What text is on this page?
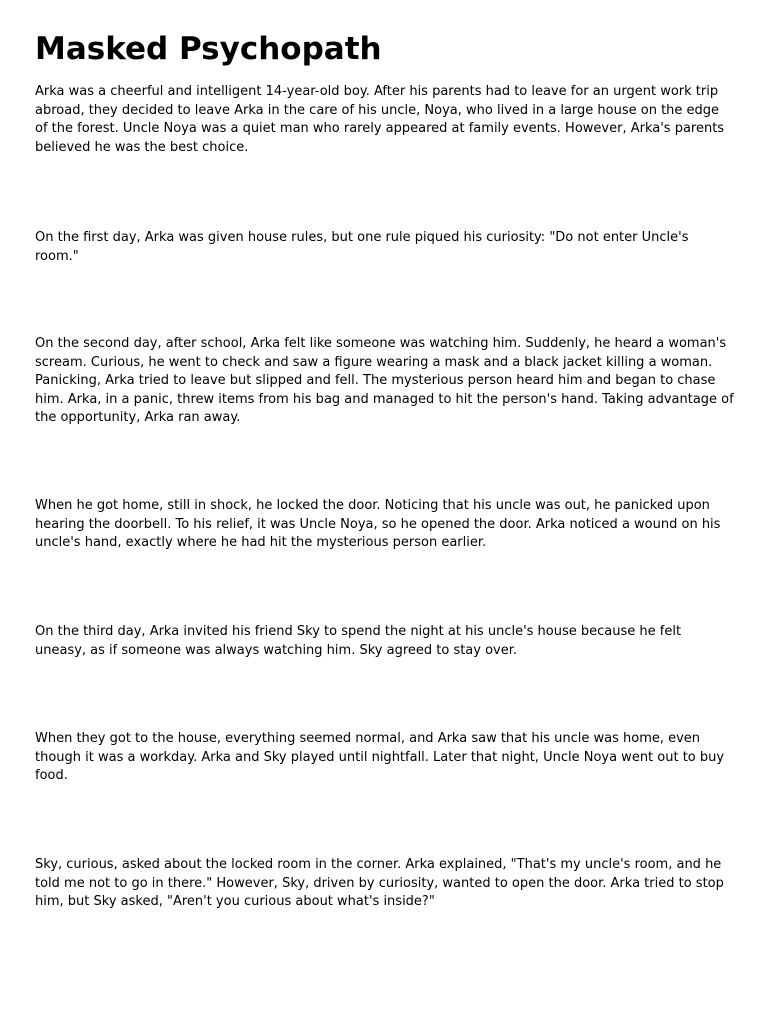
Masked Psychopath

Arka was a cheerful and intelligent 14-year-old boy. After his parents had to leave for an urgent work trip abroad, they decided to leave Arka in the care of his uncle, Noya, who lived in a large house on the edge of the forest. Uncle Noya was a quiet man who rarely appeared at family events. However, Arka's parents believed he was the best choice.

On the first day, Arka was given house rules, but one rule piqued his curiosity: "Do not enter Uncle's room."

On the second day, after school, Arka felt like someone was watching him. Suddenly, he heard a woman's scream. Curious, he went to check and saw a figure wearing a mask and a black jacket killing a woman. Panicking, Arka tried to leave but slipped and fell. The mysterious person heard him and began to chase him. Arka, in a panic, threw items from his bag and managed to hit the person's hand. Taking advantage of the opportunity, Arka ran away.

When he got home, still in shock, he locked the door. Noticing that his uncle was out, he panicked upon hearing the doorbell. To his relief, it was Uncle Noya, so he opened the door. Arka noticed a wound on his uncle's hand, exactly where he had hit the mysterious person earlier.

On the third day, Arka invited his friend Sky to spend the night at his uncle's house because he felt uneasy, as if someone was always watching him. Sky agreed to stay over.

When they got to the house, everything seemed normal, and Arka saw that his uncle was home, even though it was a workday. Arka and Sky played until nightfall. Later that night, Uncle Noya went out to buy food.

Sky, curious, asked about the locked room in the corner. Arka explained, "That's my uncle's room, and he told me not to go in there." However, Sky, driven by curiosity, wanted to open the door. Arka tried to stop him, but Sky asked, "Aren't you curious about what's inside?"
